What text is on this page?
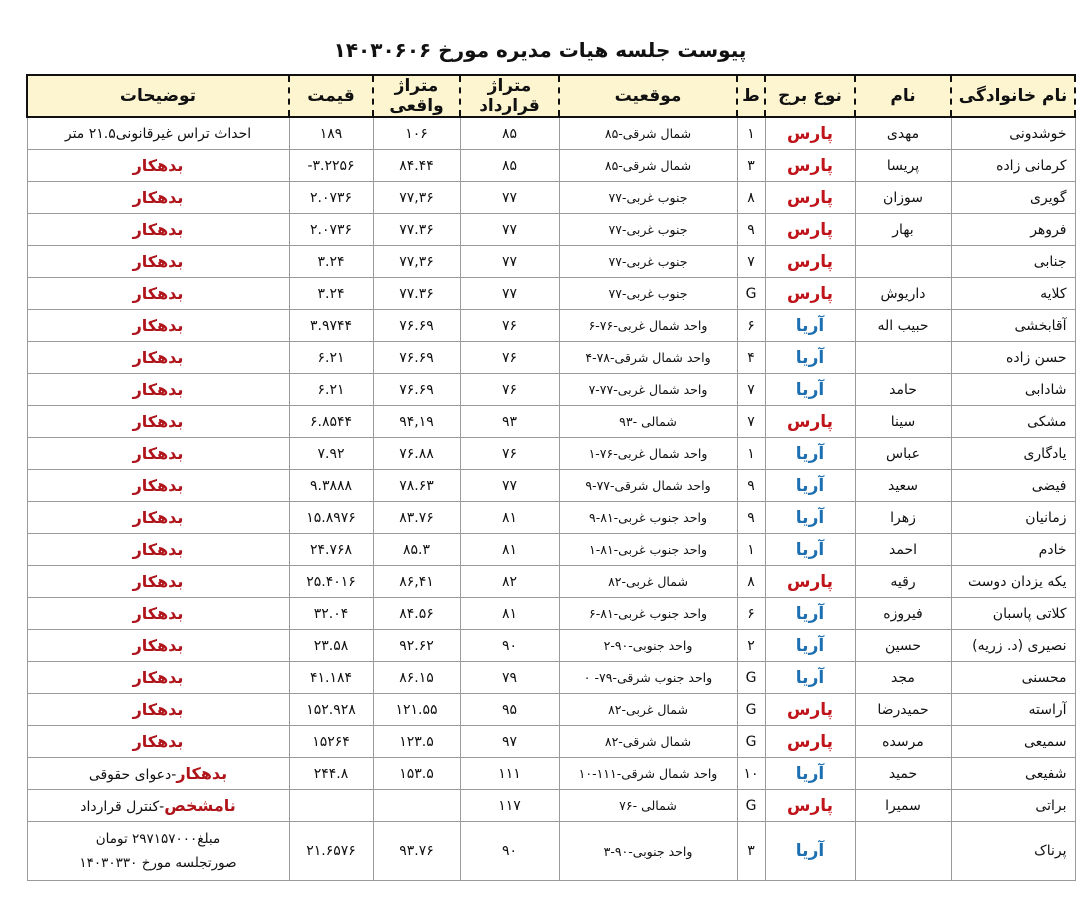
پیوست جلسه هیات مدیره مورخ ۱۴۰۳۰۶۰۶
نام خانوادگی	نام	نوع برج	ط	موقعیت	متراژ قرارداد	متراژ واقعی	قیمت	توضیحات
خوشدونی	مهدی	پارس	۱	شمال شرقی-۸۵	۸۵	۱۰۶	۱۸۹	احداث تراس غیرقانونی۲۱.۵ متر
کرمانی زاده	پریسا	پارس	۳	شمال شرقی-۸۵	۸۵	۸۴.۴۴	-۳.۲۲۵۶	بدهکار
گویری	سوزان	پارس	۸	جنوب غربی-۷۷	۷۷	۷۷,۳۶	۲.۰۷۳۶	بدهکار
فروهر	بهار	پارس	۹	جنوب غربی-۷۷	۷۷	۷۷.۳۶	۲.۰۷۳۶	بدهکار
جنابی		پارس	۷	جنوب غربی-۷۷	۷۷	۷۷,۳۶	۳.۲۴	بدهکار
کلایه	داریوش	پارس	G	جنوب غربی-۷۷	۷۷	۷۷.۳۶	۳.۲۴	بدهکار
آقابخشی	حبیب اله	آریا	۶	واحد شمال غربی-۷۶-۶	۷۶	۷۶.۶۹	۳.۹۷۴۴	بدهکار
حسن زاده		آریا	۴	واحد شمال شرقی-۷۸-۴	۷۶	۷۶.۶۹	۶.۲۱	بدهکار
شادابی	حامد	آریا	۷	واحد شمال غربی-۷۷-۷	۷۶	۷۶.۶۹	۶.۲۱	بدهکار
مشکی	سینا	پارس	۷	شمالی -۹۳	۹۳	۹۴,۱۹	۶.۸۵۴۴	بدهکار
یادگاری	عباس	آریا	۱	واحد شمال غربی-۷۶-۱	۷۶	۷۶.۸۸	۷.۹۲	بدهکار
فیضی	سعید	آریا	۹	واحد شمال شرقی-۷۷-۹	۷۷	۷۸.۶۳	۹.۳۸۸۸	بدهکار
زمانیان	زهرا	آریا	۹	واحد جنوب غربی-۸۱-۹	۸۱	۸۳.۷۶	۱۵.۸۹۷۶	بدهکار
خادم	احمد	آریا	۱	واحد جنوب غربی-۸۱-۱	۸۱	۸۵.۳	۲۴.۷۶۸	بدهکار
یکه یزدان دوست	رقیه	پارس	۸	شمال غربی-۸۲	۸۲	۸۶,۴۱	۲۵.۴۰۱۶	بدهکار
کلاتی پاسبان	فیروزه	آریا	۶	واحد جنوب غربی-۸۱-۶	۸۱	۸۴.۵۶	۳۲.۰۴	بدهکار
نصیری (د. زریه)	حسین	آریا	۲	واحد جنوبی-۹۰-۲	۹۰	۹۲.۶۲	۲۳.۵۸	بدهکار
محسنی	مجد	آریا	G	واحد جنوب شرقی-۷۹- ۰	۷۹	۸۶.۱۵	۴۱.۱۸۴	بدهکار
آراسته	حمیدرضا	پارس	G	شمال غربی-۸۲	۹۵	۱۲۱.۵۵	۱۵۲.۹۲۸	بدهکار
سمیعی	مرسده	پارس	G	شمال شرقی-۸۲	۹۷	۱۲۳.۵	۱۵۲۶۴	بدهکار
شفیعی	حمید	آریا	۱۰	واحد شمال شرقی-۱۱۱-۱۰	۱۱۱	۱۵۳.۵	۲۴۴.۸	بدهکار-دعوای حقوقی
براتی	سمیرا	پارس	G	شمالی -۷۶	۱۱۷			نامشخص-کنترل قرارداد
پرناک		آریا	۳	واحد جنوبی-۹۰-۳	۹۰	۹۳.۷۶	۲۱.۶۵۷۶	مبلغ۲۹۷۱۵۷۰۰۰ تومان
صورتجلسه مورخ ۱۴۰۳۰۳۳۰
